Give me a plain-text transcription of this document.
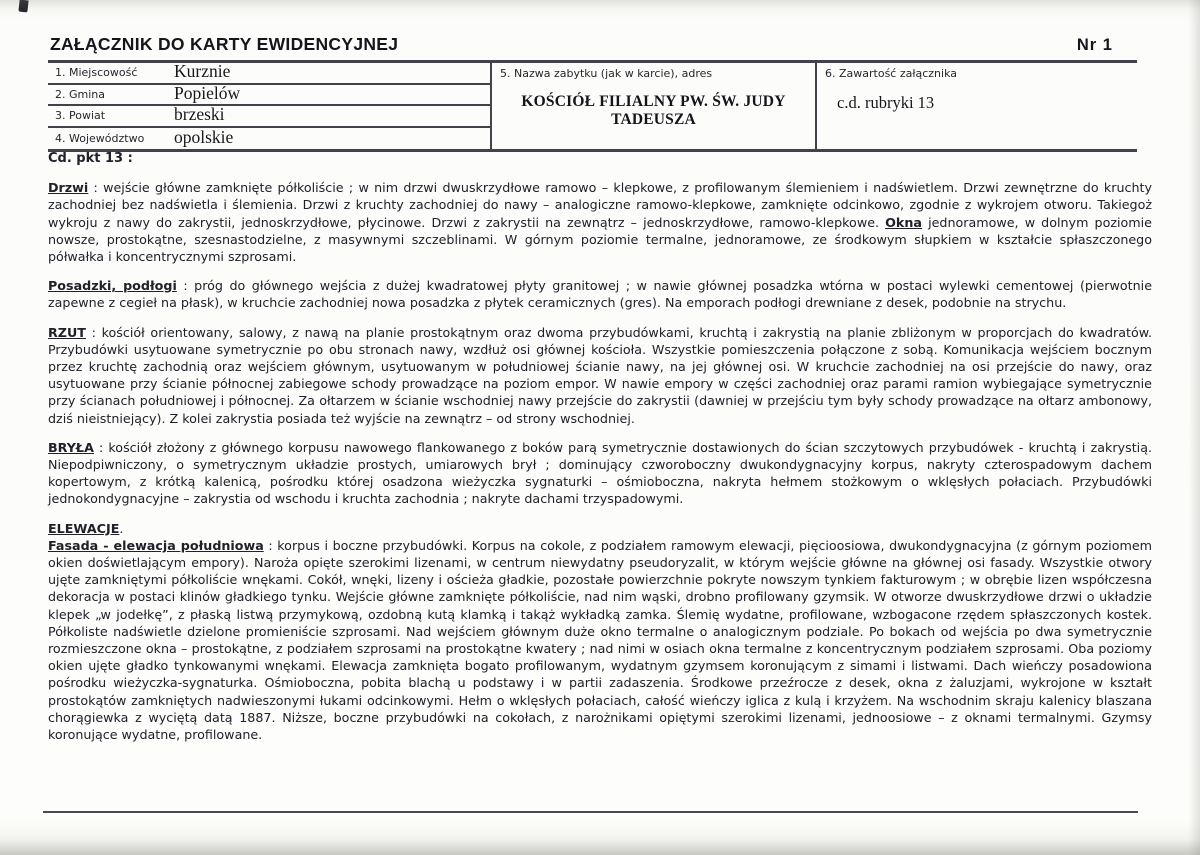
ZAŁĄCZNIK DO KARTY EWIDENCYJNEJ	Nr 1
1. Miejscowość	Kurznie
2. Gmina	Popielów
3. Powiat	brzeski
4. Województwo	opolskie
5. Nazwa zabytku (jak w karcie), adres
KOŚCIÓŁ FILIALNY PW. ŚW. JUDY TADEUSZA
6. Zawartość załącznika
c.d. rubryki 13

Cd. pkt 13 :

Drzwi : wejście główne zamknięte półkoliście ; w nim drzwi dwuskrzydłowe ramowo – klepkowe, z profilowanym ślemieniem i nadświetlem. Drzwi zewnętrzne do kruchty zachodniej bez nadświetla i ślemienia. Drzwi z kruchty zachodniej do nawy – analogiczne ramowo-klepkowe, zamknięte odcinkowo, zgodnie z wykrojem otworu. Takiegoż wykroju z nawy do zakrystii, jednoskrzydłowe, płycinowe. Drzwi z zakrystii na zewnątrz – jednoskrzydłowe, ramowo-klepkowe. Okna jednoramowe, w dolnym poziomie nowsze, prostokątne, szesnastodzielne, z masywnymi szczeblinami. W górnym poziomie termalne, jednoramowe, ze środkowym słupkiem w kształcie spłaszczonego półwałka i koncentrycznymi szprosami.

Posadzki, podłogi : próg do głównego wejścia z dużej kwadratowej płyty granitowej ; w nawie głównej posadzka wtórna w postaci wylewki cementowej (pierwotnie zapewne z cegieł na płask), w kruchcie zachodniej nowa posadzka z płytek ceramicznych (gres). Na emporach podłogi drewniane z desek, podobnie na strychu.

RZUT : kościół orientowany, salowy, z nawą na planie prostokątnym oraz dwoma przybudówkami, kruchtą i zakrystią na planie zbliżonym w proporcjach do kwadratów. Przybudówki usytuowane symetrycznie po obu stronach nawy, wzdłuż osi głównej kościoła. Wszystkie pomieszczenia połączone z sobą. Komunikacja wejściem bocznym przez kruchtę zachodnią oraz wejściem głównym, usytuowanym w południowej ścianie nawy, na jej głównej osi. W kruchcie zachodniej na osi przejście do nawy, oraz usytuowane przy ścianie północnej zabiegowe schody prowadzące na poziom empor. W nawie empory w części zachodniej oraz parami ramion wybiegające symetrycznie przy ścianach południowej i północnej. Za ołtarzem w ścianie wschodniej nawy przejście do zakrystii (dawniej w przejściu tym były schody prowadzące na ołtarz ambonowy, dziś nieistniejący). Z kolei zakrystia posiada też wyjście na zewnątrz – od strony wschodniej.

BRYŁA : kościół złożony z głównego korpusu nawowego flankowanego z boków parą symetrycznie dostawionych do ścian szczytowych przybudówek - kruchtą i zakrystią. Niepodpiwniczony, o symetrycznym układzie prostych, umiarowych brył ; dominujący czworoboczny dwukondygnacyjny korpus, nakryty czterospadowym dachem kopertowym, z krótką kalenicą, pośrodku której osadzona wieżyczka sygnaturki – ośmioboczna, nakryta hełmem stożkowym o wklęsłych połaciach. Przybudówki jednokondygnacyjne – zakrystia od wschodu i kruchta zachodnia ; nakryte dachami trzyspadowymi.

ELEWACJE.

Fasada - elewacja południowa : korpus i boczne przybudówki. Korpus na cokole, z podziałem ramowym elewacji, pięcioosiowa, dwukondygnacyjna (z górnym poziomem okien doświetlającym empory). Naroża opięte szerokimi lizenami, w centrum niewydatny pseudoryzalit, w którym wejście główne na głównej osi fasady. Wszystkie otwory ujęte zamkniętymi półkoliście wnękami. Cokół, wnęki, lizeny i ościeża gładkie, pozostałe powierzchnie pokryte nowszym tynkiem fakturowym ; w obrębie lizen współczesna dekoracja w postaci klinów gładkiego tynku. Wejście główne zamknięte półkoliście, nad nim wąski, drobno profilowany gzymsik. W otworze dwuskrzydłowe drzwi o układzie klepek „w jodełkę”, z płaską listwą przymykową, ozdobną kutą klamką i takąż wykładką zamka. Ślemię wydatne, profilowane, wzbogacone rzędem spłaszczonych kostek. Półkoliste nadświetle dzielone promieniście szprosami. Nad wejściem głównym duże okno termalne o analogicznym podziale. Po bokach od wejścia po dwa symetrycznie rozmieszczone okna – prostokątne, z podziałem szprosami na prostokątne kwatery ; nad nimi w osiach okna termalne z koncentrycznym podziałem szprosami. Oba poziomy okien ujęte gładko tynkowanymi wnękami. Elewacja zamknięta bogato profilowanym, wydatnym gzymsem koronującym z simami i listwami. Dach wieńczy posadowiona pośrodku wieżyczka-sygnaturka. Ośmioboczna, pobita blachą u podstawy i w partii zadaszenia. Środkowe przeźrocze z desek, okna z żaluzjami, wykrojone w kształt prostokątów zamkniętych nadwieszonymi łukami odcinkowymi. Hełm o wklęsłych połaciach, całość wieńczy iglica z kulą i krzyżem. Na wschodnim skraju kalenicy blaszana chorągiewka z wyciętą datą 1887. Niższe, boczne przybudówki na cokołach, z narożnikami opiętymi szerokimi lizenami, jednoosiowe – z oknami termalnymi. Gzymsy koronujące wydatne, profilowane.
